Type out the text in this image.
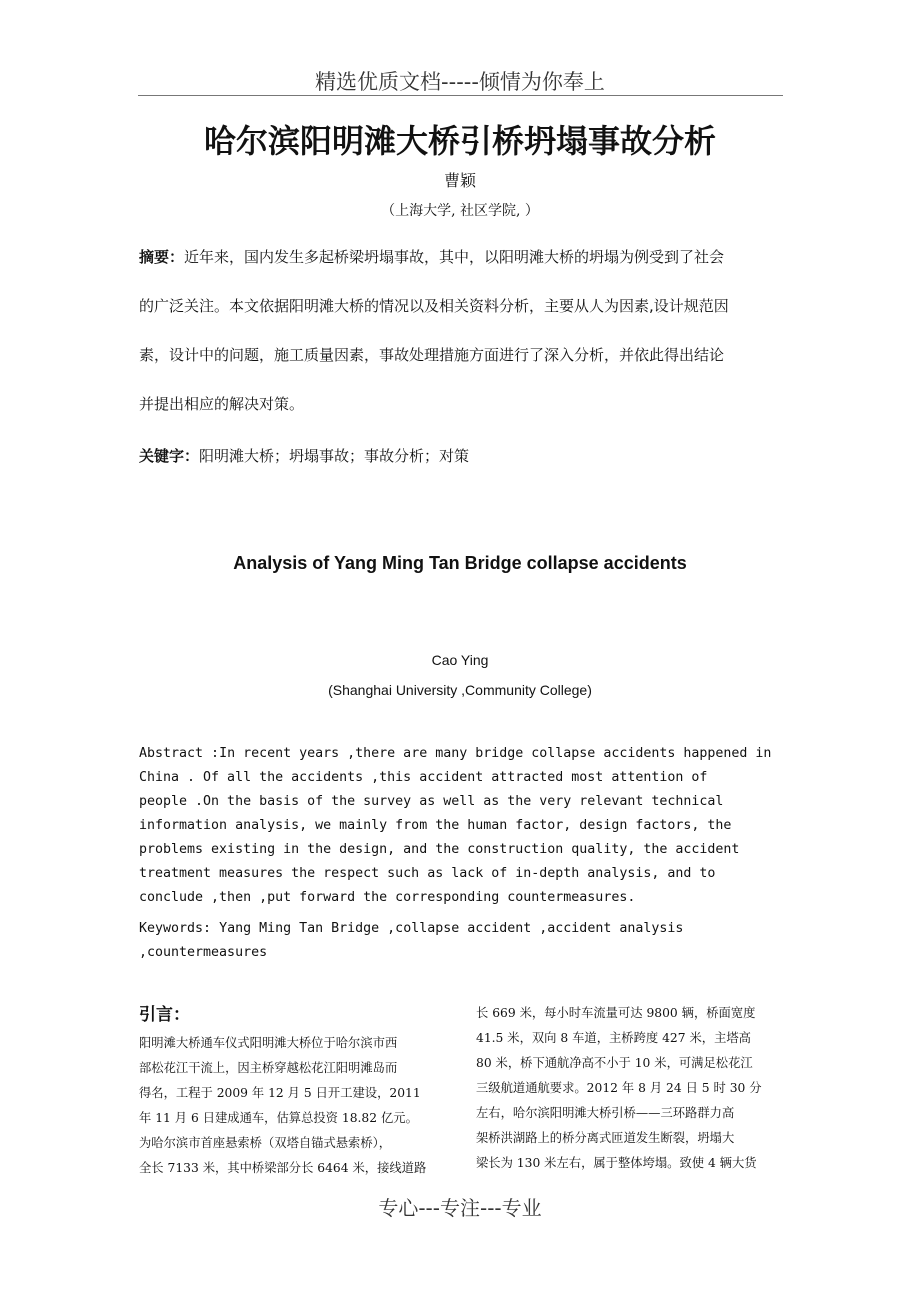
精选优质文档-----倾情为你奉上
哈尔滨阳明滩大桥引桥坍塌事故分析
曹颖
（上海大学, 社区学院, ）
摘要：近年来，国内发生多起桥梁坍塌事故，其中，以阳明滩大桥的坍塌为例受到了社会
的广泛关注。本文依据阳明滩大桥的情况以及相关资料分析，主要从人为因素,设计规范因
素，设计中的问题，施工质量因素，事故处理措施方面进行了深入分析，并依此得出结论
并提出相应的解决对策。
关键字：阳明滩大桥；坍塌事故；事故分析；对策
Analysis of Yang Ming Tan Bridge collapse accidents
Cao Ying
(Shanghai University ,Community College)
Abstract :In recent years ,there are many bridge collapse accidents happened in
China . Of all the accidents ,this accident attracted most attention of
people .On the basis of the survey as well as the very relevant technical
information analysis, we mainly from the human factor, design factors, the
problems existing in the design, and the construction quality, the accident
treatment measures the respect such as lack of in-depth analysis, and to
conclude ,then ,put forward the corresponding countermeasures.
Keywords: Yang Ming Tan Bridge ,collapse accident ,accident analysis
,countermeasures
引言：
阳明滩大桥通车仪式阳明滩大桥位于哈尔滨市西
部松花江干流上，因主桥穿越松花江阳明滩岛而
得名，工程于 2009 年 12 月 5 日开工建设，2011
年 11 月 6 日建成通车，估算总投资 18.82 亿元。
为哈尔滨市首座悬索桥（双塔自锚式悬索桥），
全长 7133 米，其中桥梁部分长 6464 米，接线道路
长 669 米，每小时车流量可达 9800 辆，桥面宽度
41.5 米，双向 8 车道，主桥跨度 427 米，主塔高
80 米，桥下通航净高不小于 10 米，可满足松花江
三级航道通航要求。2012 年 8 月 24 日 5 时 30 分
左右，哈尔滨阳明滩大桥引桥——三环路群力高
架桥洪湖路上的桥分离式匝道发生断裂，坍塌大
梁长为 130 米左右，属于整体垮塌。致使 4 辆大货
专心---专注---专业
